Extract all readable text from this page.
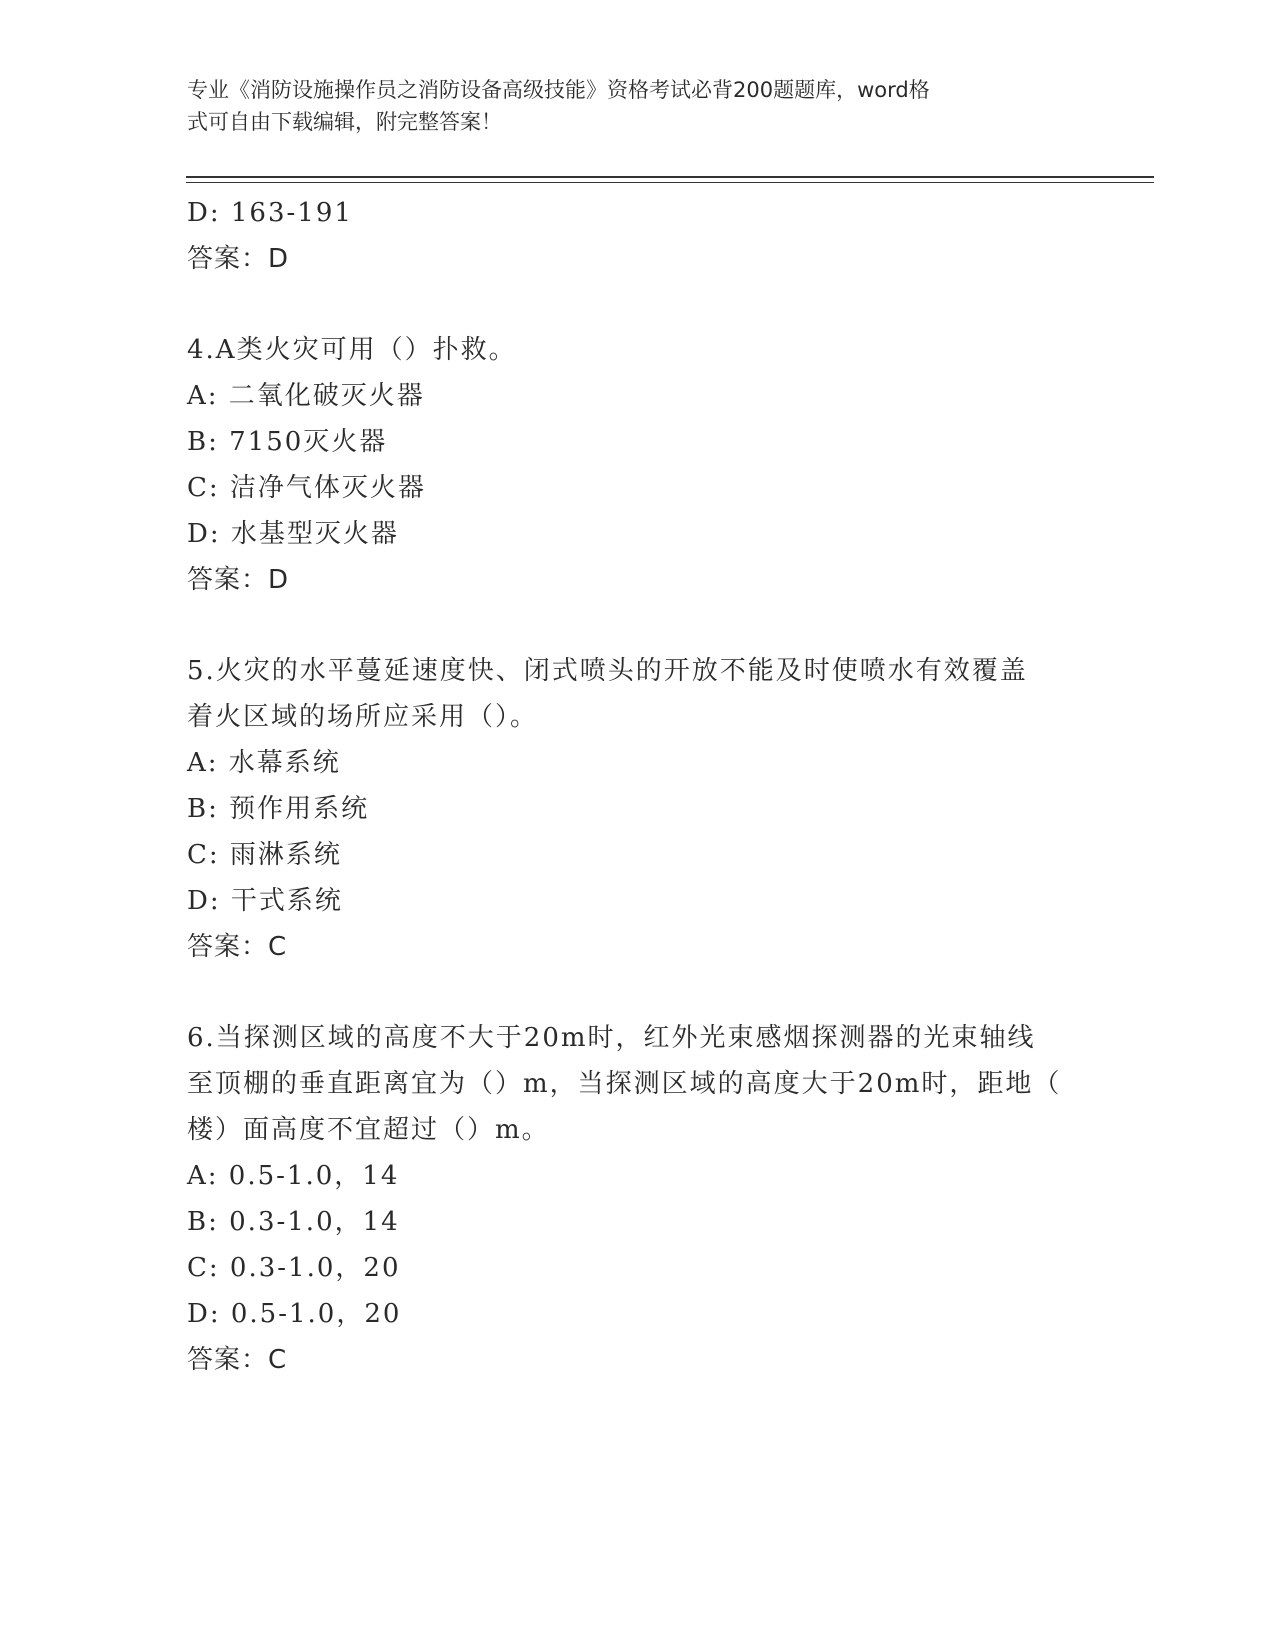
专业《消防设施操作员之消防设备高级技能》资格考试必背200题题库，word格
式可自由下载编辑，附完整答案！
D: 163-191
答案：D
4.A类火灾可用（）扑救。
A: 二氧化破灭火器
B: 7150灭火器
C: 洁净气体灭火器
D: 水基型灭火器
答案：D
5.火灾的水平蔓延速度快、闭式喷头的开放不能及时使喷水有效覆盖
着火区域的场所应采用（）。
A: 水幕系统
B: 预作用系统
C: 雨淋系统
D: 干式系统
答案：C
6.当探测区域的高度不大于20m时，红外光束感烟探测器的光束轴线
至顶棚的垂直距离宜为（）m，当探测区域的高度大于20m时，距地（
楼）面高度不宜超过（）m。
A: 0.5-1.0，14
B: 0.3-1.0，14
C: 0.3-1.0，20
D: 0.5-1.0，20
答案：C
